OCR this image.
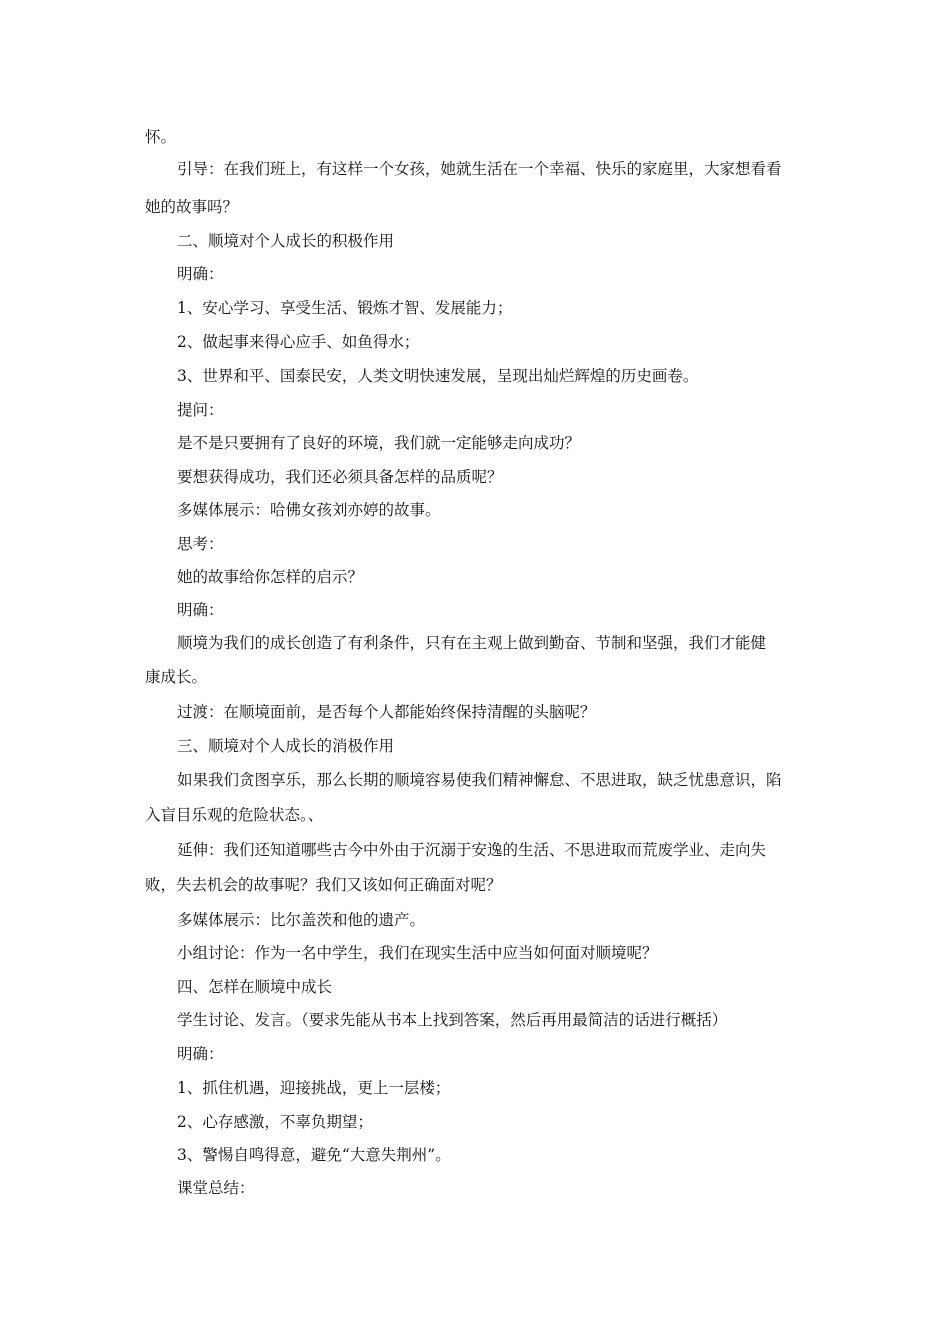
怀。

引导：在我们班上，有这样一个女孩，她就生活在一个幸福、快乐的家庭里，大家想看看

她的故事吗？

二、顺境对个人成长的积极作用

明确：

1、安心学习、享受生活、锻炼才智、发展能力；

2、做起事来得心应手、如鱼得水；

3、世界和平、国泰民安，人类文明快速发展，呈现出灿烂辉煌的历史画卷。

提问：

是不是只要拥有了良好的环境，我们就一定能够走向成功？

要想获得成功，我们还必须具备怎样的品质呢？

多媒体展示：哈佛女孩刘亦婷的故事。

思考：

她的故事给你怎样的启示？

明确：

顺境为我们的成长创造了有利条件，只有在主观上做到勤奋、节制和坚强，我们才能健

康成长。

过渡：在顺境面前，是否每个人都能始终保持清醒的头脑呢？

三、顺境对个人成长的消极作用

如果我们贪图享乐，那么长期的顺境容易使我们精神懈怠、不思进取，缺乏忧患意识，陷

入盲目乐观的危险状态。、

延伸：我们还知道哪些古今中外由于沉溺于安逸的生活、不思进取而荒废学业、走向失

败，失去机会的故事呢？我们又该如何正确面对呢？

多媒体展示：比尔盖茨和他的遗产。

小组讨论：作为一名中学生，我们在现实生活中应当如何面对顺境呢？

四、怎样在顺境中成长

学生讨论、发言。（要求先能从书本上找到答案，然后再用最简洁的话进行概括）

明确：

1、抓住机遇，迎接挑战，更上一层楼；

2、心存感激，不辜负期望；

3、警惕自鸣得意，避免“大意失荆州”。

课堂总结：
